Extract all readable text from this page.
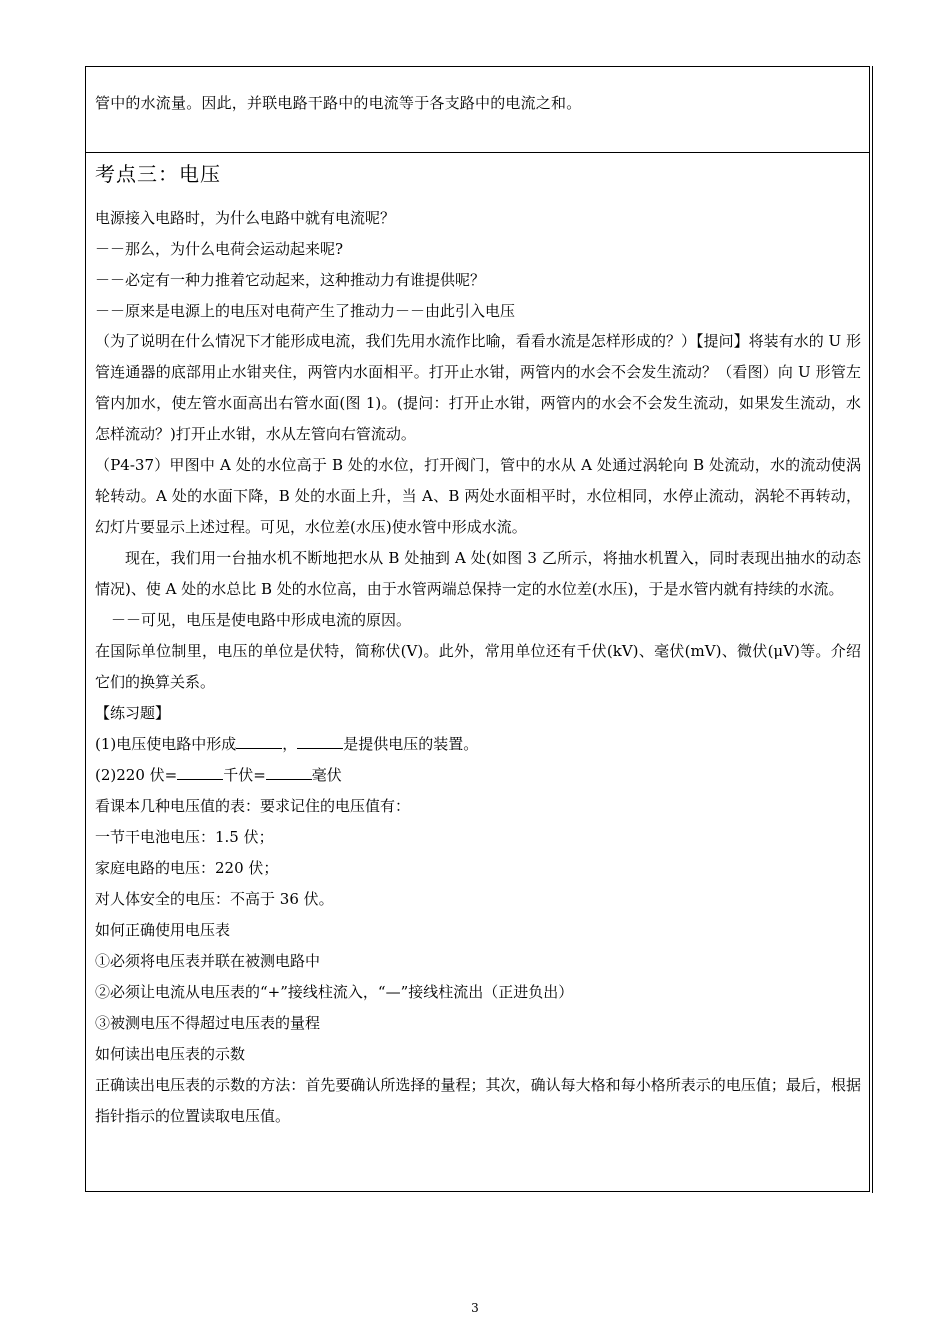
管中的水流量。因此，并联电路干路中的电流等于各支路中的电流之和。

考点三：电压
电源接入电路时，为什么电路中就有电流呢？
－－那么，为什么电荷会运动起来呢?
－－必定有一种力推着它动起来，这种推动力有谁提供呢？
－－原来是电源上的电压对电荷产生了推动力－－由此引入电压

（为了说明在什么情况下才能形成电流，我们先用水流作比喻，看看水流是怎样形成的？）【提问】将装有水的 U 形管连通器的底部用止水钳夹住，两管内水面相平。打开止水钳，两管内的水会不会发生流动？（看图）向 U 形管左管内加水，使左管水面高出右管水面(图 1)。(提问：打开止水钳，两管内的水会不会发生流动，如果发生流动，水怎样流动？)打开止水钳，水从左管向右管流动。

（P4-37）甲图中 A 处的水位高于 B 处的水位，打开阀门，管中的水从 A 处通过涡轮向 B 处流动，水的流动使涡轮转动。A 处的水面下降，B 处的水面上升，当 A、B 两处水面相平时，水位相同，水停止流动，涡轮不再转动，幻灯片要显示上述过程。可见，水位差(水压)使水管中形成水流。

现在，我们用一台抽水机不断地把水从 B 处抽到 A 处(如图 3 乙所示，将抽水机置入，同时表现出抽水的动态情况)、使 A 处的水总比 B 处的水位高，由于水管两端总保持一定的水位差(水压)，于是水管内就有持续的水流。

－－可见，电压是使电路中形成电流的原因。

在国际单位制里，电压的单位是伏特，简称伏(V)。此外，常用单位还有千伏(kV)、毫伏(mV)、微伏(μV)等。介绍它们的换算关系。

【练习题】

(1)电压使电路中形成	，	是提供电压的装置。

(2)220 伏=	千伏=	毫伏

看课本几种电压值的表：要求记住的电压值有：

一节干电池电压：1.5 伏；

家庭电路的电压：220 伏；

对人体安全的电压：不高于 36 伏。

如何正确使用电压表

①必须将电压表并联在被测电路中

②必须让电流从电压表的“+”接线柱流入，“—”接线柱流出（正进负出）

③被测电压不得超过电压表的量程

如何读出电压表的示数

正确读出电压表的示数的方法：首先要确认所选择的量程；其次，确认每大格和每小格所表示的电压值；最后，根据指针指示的位置读取电压值。

3
